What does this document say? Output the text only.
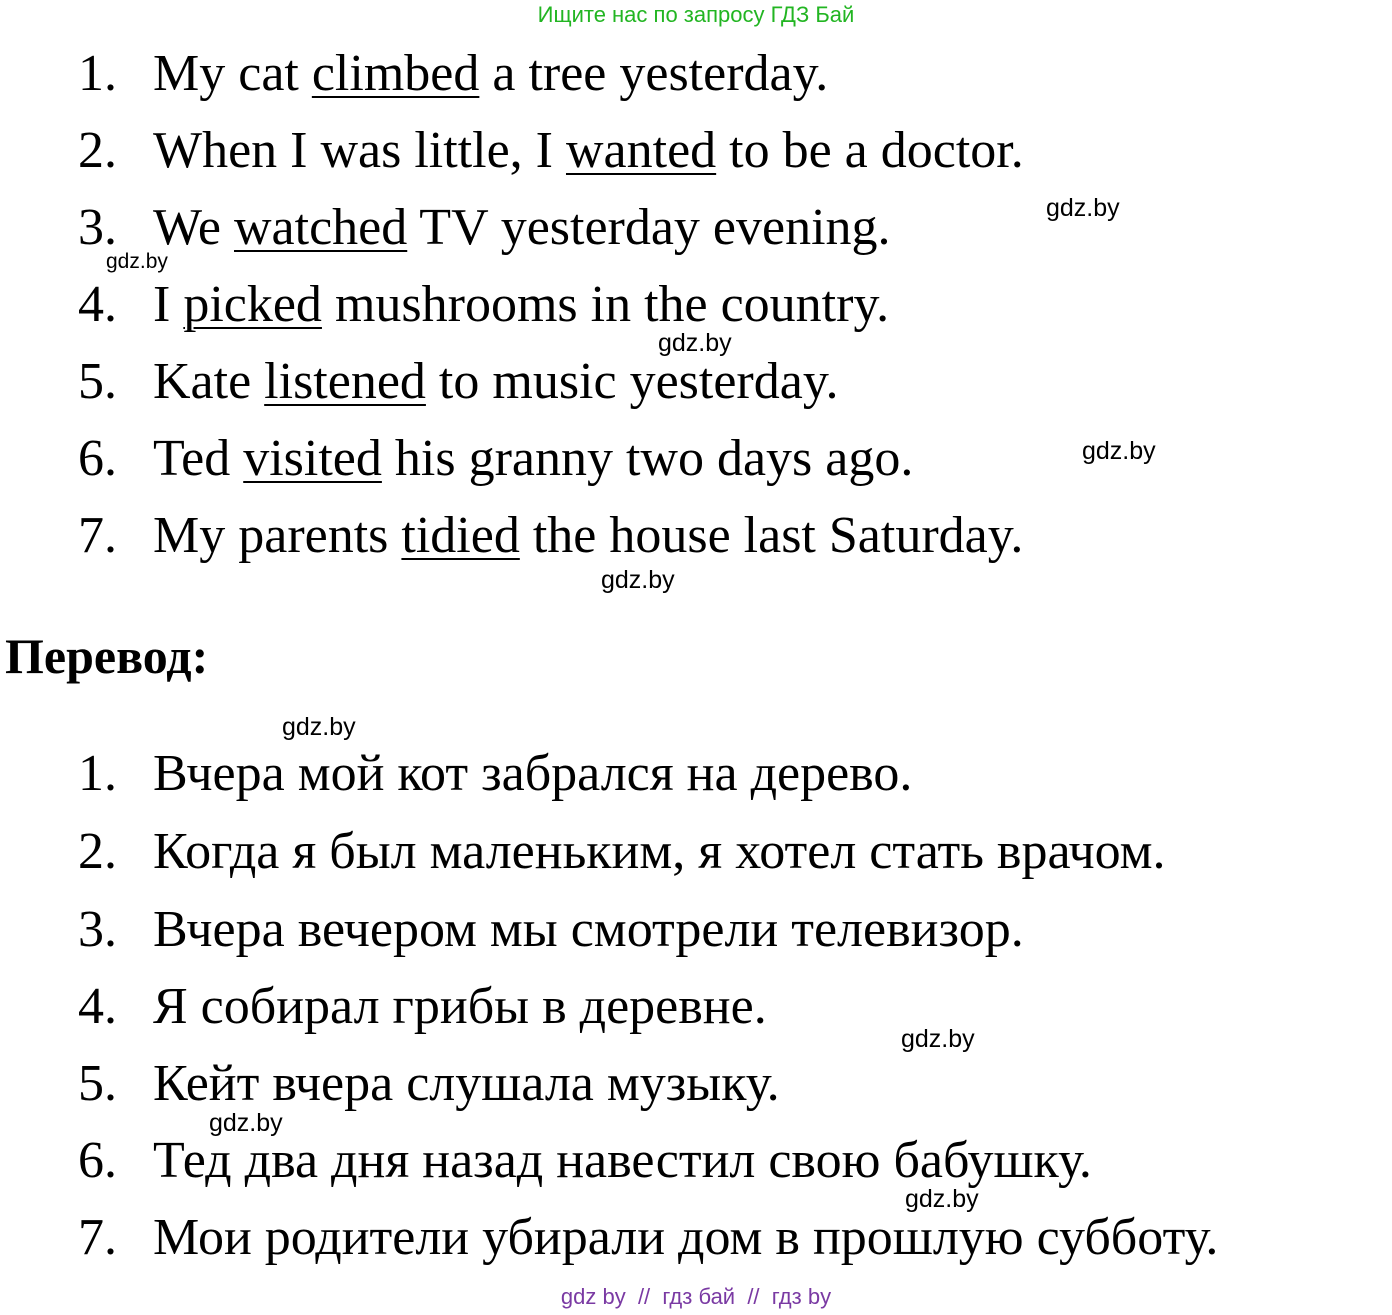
Ищите нас по запросу ГДЗ Бай
1. My cat climbed a tree yesterday.
2. When I was little, I wanted to be a doctor.
3. We watched TV yesterday evening.
4. I picked mushrooms in the country.
5. Kate listened to music yesterday.
6. Ted visited his granny two days ago.
7. My parents tidied the house last Saturday.
Перевод:
1. Вчера мой кот забрался на дерево.
2. Когда я был маленьким, я хотел стать врачом.
3. Вчера вечером мы смотрели телевизор.
4. Я собирал грибы в деревне.
5. Кейт вчера слушала музыку.
6. Тед два дня назад навестил свою бабушку.
7. Мои родители убирали дом в прошлую субботу.
gdz.by
gdz.by
gdz.by
gdz.by
gdz.by
gdz.by
gdz.by
gdz.by
gdz.by
gdz by  //  гдз бай  //  гдз by
